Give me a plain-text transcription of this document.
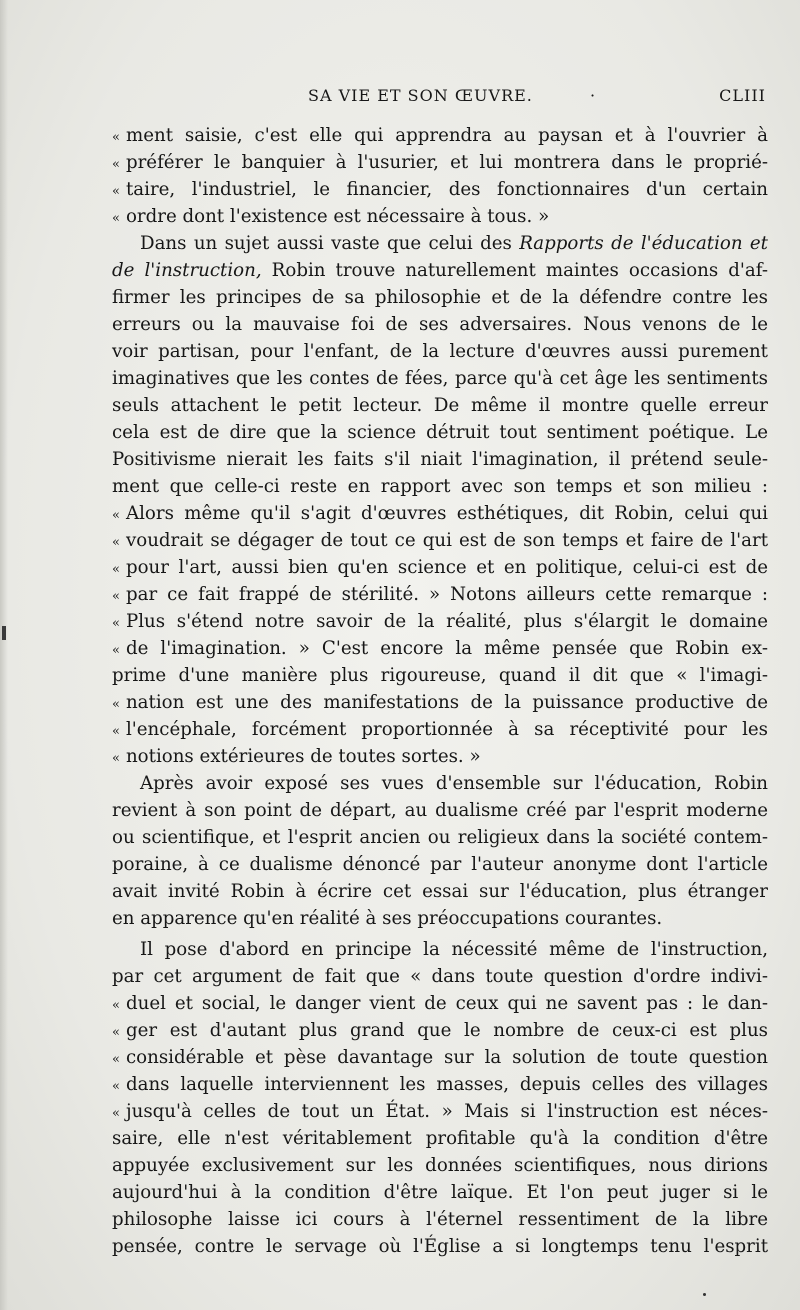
SA VIE ET SON ŒUVRE.	·	CLIII
« ment saisie, c'est elle qui apprendra au paysan et à l'ouvrier à
« préférer le banquier à l'usurier, et lui montrera dans le proprié-
« taire, l'industriel, le financier, des fonctionnaires d'un certain
« ordre dont l'existence est nécessaire à tous. »
Dans un sujet aussi vaste que celui des Rapports de l'éducation et
de l'instruction, Robin trouve naturellement maintes occasions d'af-
firmer les principes de sa philosophie et de la défendre contre les
erreurs ou la mauvaise foi de ses adversaires. Nous venons de le
voir partisan, pour l'enfant, de la lecture d'œuvres aussi purement
imaginatives que les contes de fées, parce qu'à cet âge les sentiments
seuls attachent le petit lecteur. De même il montre quelle erreur
cela est de dire que la science détruit tout sentiment poétique. Le
Positivisme nierait les faits s'il niait l'imagination, il prétend seule-
ment que celle-ci reste en rapport avec son temps et son milieu :
« Alors même qu'il s'agit d'œuvres esthétiques, dit Robin, celui qui
« voudrait se dégager de tout ce qui est de son temps et faire de l'art
« pour l'art, aussi bien qu'en science et en politique, celui-ci est de
« par ce fait frappé de stérilité. » Notons ailleurs cette remarque :
« Plus s'étend notre savoir de la réalité, plus s'élargit le domaine
« de l'imagination. » C'est encore la même pensée que Robin ex-
prime d'une manière plus rigoureuse, quand il dit que « l'imagi-
« nation est une des manifestations de la puissance productive de
« l'encéphale, forcément proportionnée à sa réceptivité pour les
« notions extérieures de toutes sortes. »
Après avoir exposé ses vues d'ensemble sur l'éducation, Robin
revient à son point de départ, au dualisme créé par l'esprit moderne
ou scientifique, et l'esprit ancien ou religieux dans la société contem-
poraine, à ce dualisme dénoncé par l'auteur anonyme dont l'article
avait invité Robin à écrire cet essai sur l'éducation, plus étranger
en apparence qu'en réalité à ses préoccupations courantes.
Il pose d'abord en principe la nécessité même de l'instruction,
par cet argument de fait que « dans toute question d'ordre indivi-
« duel et social, le danger vient de ceux qui ne savent pas : le dan-
« ger est d'autant plus grand que le nombre de ceux-ci est plus
« considérable et pèse davantage sur la solution de toute question
« dans laquelle interviennent les masses, depuis celles des villages
« jusqu'à celles de tout un État. » Mais si l'instruction est néces-
saire, elle n'est véritablement profitable qu'à la condition d'être
appuyée exclusivement sur les données scientifiques, nous dirions
aujourd'hui à la condition d'être laïque. Et l'on peut juger si le
philosophe laisse ici cours à l'éternel ressentiment de la libre
pensée, contre le servage où l'Église a si longtemps tenu l'esprit
